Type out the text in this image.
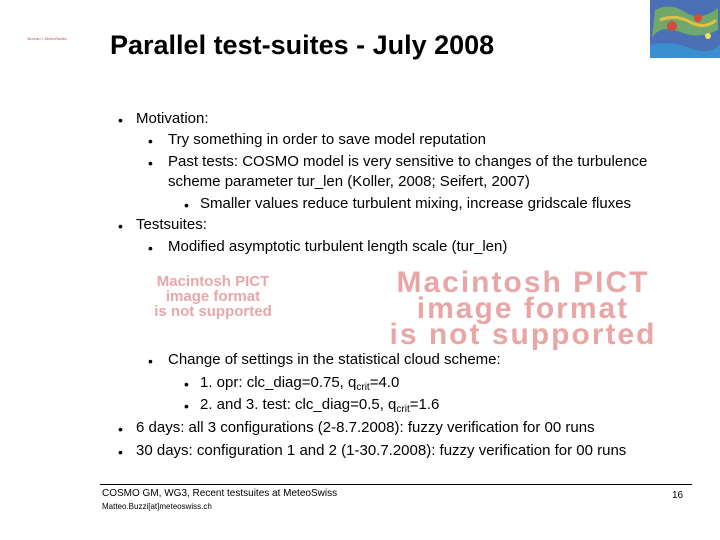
Bureau f. MeteoSwiss Parallel test-suites - July 2008
• Motivation:
• Try something in order to save model reputation
• Past tests: COSMO model is very sensitive to changes of the turbulence
scheme parameter tur_len (Koller, 2008; Seifert, 2007)
• Smaller values reduce turbulent mixing, increase gridscale fluxes
• Testsuites:
• Modified asymptotic turbulent length scale (tur_len)
Macintosh PICT
image format
is not supported
Macintosh PICT
image format
is not supported
• Change of settings in the statistical cloud scheme:
• 1. opr: clc_diag=0.75, $q_{crit}=4.0$
• 2. and 3. test: clc_diag=0.5, $q_{crit}=1.6$
• 6 days: all 3 configurations (2-8.7.2008): fuzzy verification for 00 runs
• 30 days: configuration 1 and 2 (1-30.7.2008): fuzzy verification for 00 runs
COSMO GM, WG3, Recent testsuites at MeteoSwiss
Matteo.Buzzi[at]meteoswiss.ch
16
